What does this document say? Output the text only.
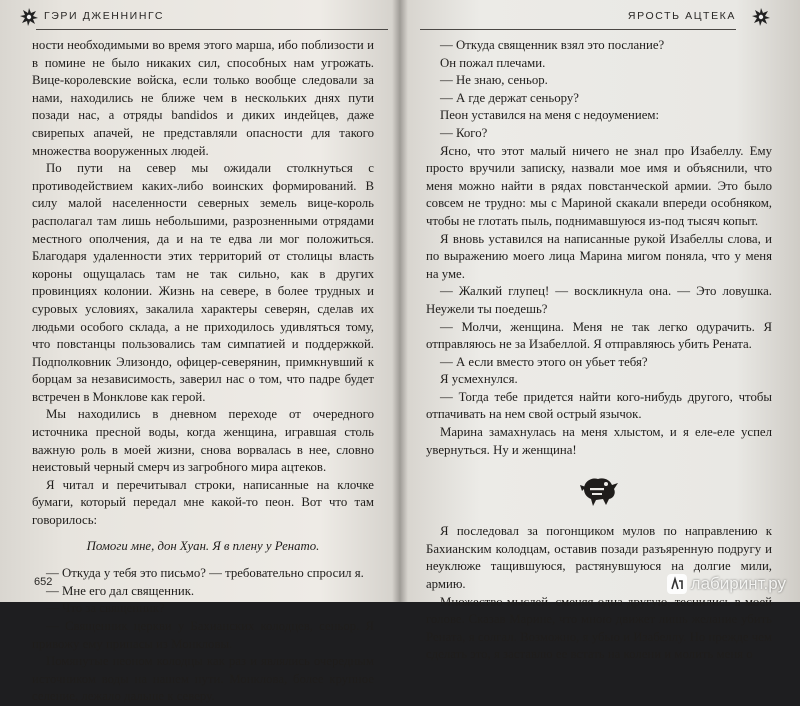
ГЭРИ ДЖЕННИНГС

ности необходимыми во время этого марша, ибо поблизости и в помине не было никаких сил, способных нам угрожать. Вице-королевские войска, если только вообще следовали за нами, находились не ближе чем в нескольких днях пути позади нас, а отряды bandidos и диких индейцев, даже свирепых апачей, не представляли опасности для такого множества вооруженных людей.

По пути на север мы ожидали столкнуться с противодействием каких-либо воинских формирований. В силу малой населенности северных земель вице-король располагал там лишь небольшими, разрозненными отрядами местного ополчения, да и на те едва ли мог положиться. Благодаря удаленности этих территорий от столицы власть короны ощущалась там не так сильно, как в других провинциях колонии. Жизнь на севере, в более трудных и суровых условиях, закалила характеры северян, сделав их людьми особого склада, а не приходилось удивляться тому, что повстанцы пользовались там симпатией и поддержкой. Подполковник Элизондо, офицер-северянин, примкнувший к борцам за независимость, заверил нас о том, что падре будет встречен в Монклове как герой.

Мы находились в дневном переходе от очередного источника пресной воды, когда женщина, игравшая столь важную роль в моей жизни, снова ворвалась в нее, словно неистовый черный смерч из загробного мира ацтеков.

Я читал и перечитывал строки, написанные на клочке бумаги, который передал мне какой-то пеон. Вот что там говорилось:

Помоги мне, дон Хуан. Я в плену у Ренато.

— Откуда у тебя это письмо? — требовательно спросил я.

— Мне его дал священник.

— Что за священник?

— Священник церкви у Бахианских колодцев, сеньор. Я привожу ему припасы из Монкловы.

Помянутые пеоном колодцы как раз и являлись очередным источником воды на нашем пути. Монклова, более крупное селение, лежало дальше к северу.

652
ЯРОСТЬ АЦТЕКА

— Откуда священник взял это послание?

Он пожал плечами.

— Не знаю, сеньор.

— А где держат сеньору?

Пеон уставился на меня с недоумением:

— Кого?

Ясно, что этот малый ничего не знал про Изабеллу. Ему просто вручили записку, назвали мое имя и объяснили, что меня можно найти в рядах повстанческой армии. Это было совсем не трудно: мы с Мариной скакали впереди особняком, чтобы не глотать пыль, поднимавшуюся из-под тысяч копыт.

Я вновь уставился на написанные рукой Изабеллы слова, и по выражению моего лица Марина мигом поняла, что у меня на уме.

— Жалкий глупец! — воскликнула она. — Это ловушка. Неужели ты поедешь?

— Молчи, женщина. Меня не так легко одурачить. Я отправляюсь не за Изабеллой. Я отправляюсь убить Рената.

— А если вместо этого он убьет тебя?

Я усмехнулся.

— Тогда тебе придется найти кого-нибудь другого, чтобы отпачивать на нем свой острый язычок.

Марина замахнулась на меня хлыстом, и я еле-еле успел увернуться. Ну и женщина!

Я последовал за погонщиком мулов по направлению к Бахианским колодцам, оставив позади разъяренную подругу и неуклюже тащившуюся, растянувшуюся на долгие мили, армию.

Множество мыслей, сменяя одна другую, теснились в моей голове. Сказав Марине, что мною движет лишь желание убить Рената, я солгал. Возможно, я убью и Изабеллу. Но прежде чем сделать это, я заставлю ее встать на колени и молить меня о

лабиринт.ру
